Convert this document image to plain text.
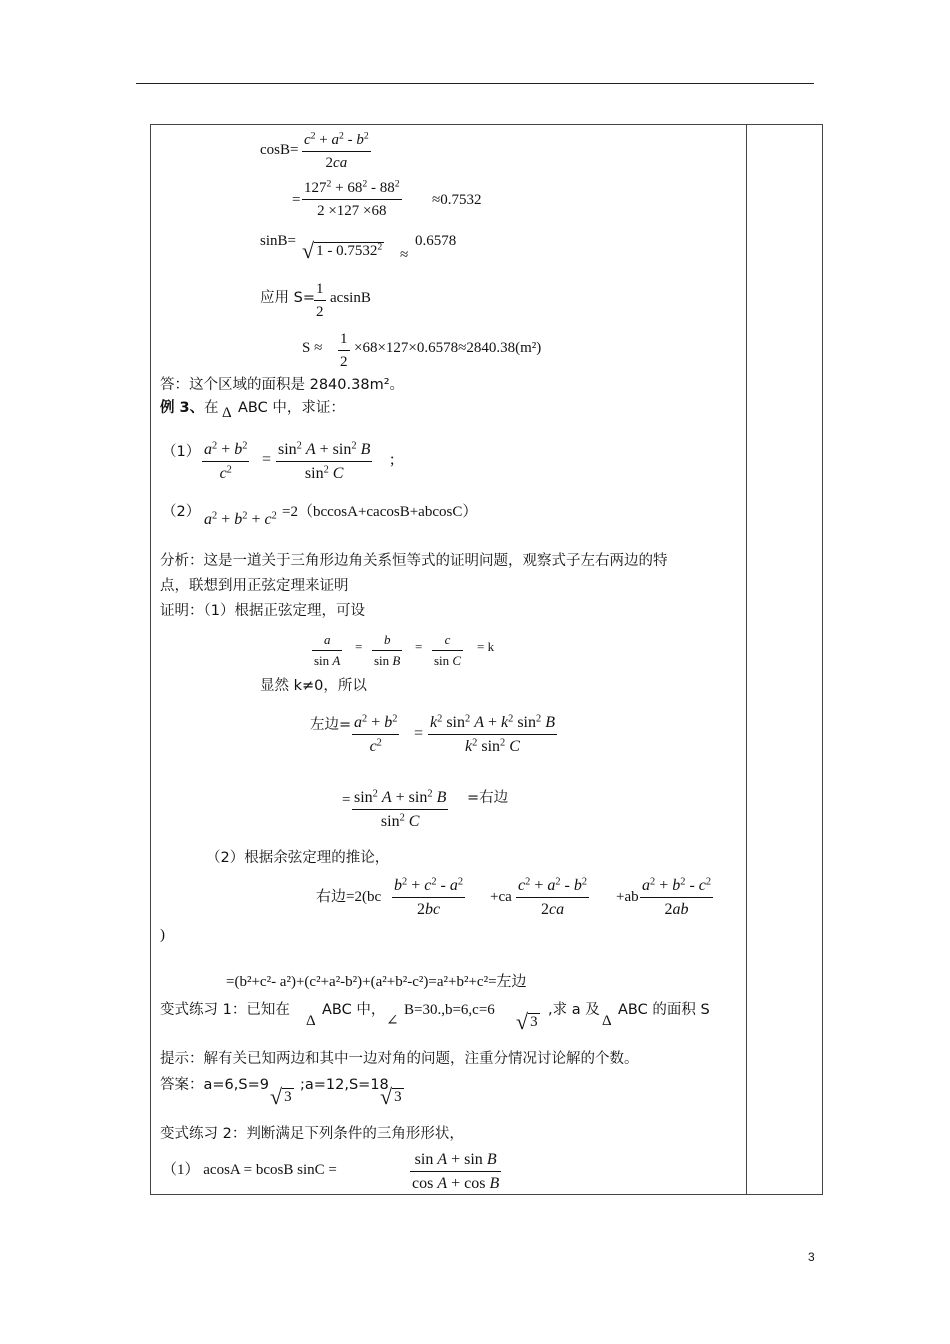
cosB=
$c^2 + a^2 - b^2$
2ca
=
$127^2 + 68^2 - 88^2$
2 ×127 ×68
≈0.7532
sinB= √ $1 - 0.7532^2$ ≈
0.6578
应用 S=
1
2
acsinB
S ≈
1
2
×68×127×0.6578≈2840.38(m²)
答：这个区域的面积是 2840.38m²。
例 3、 在 Δ ABC 中，求证：
（1） $a^2 + b^2$
$c^2$
=
$\sin^2 A + \sin^2 B$
$\sin^2 C$
;
（2） $a^2 + b^2 + c^2 =2(bccosA+cacosB+abcosC)$
分析：这是一道关于三角形边角关系恒等式的证明问题，观察式子左右两边的特
点，联想到用正弦定理来证明
证明：（1）根据正弦定理，可设
a
sin A
= b
sin B
= c
sin C
= k
显然 k≠0，所以
左边= $a^2 + b^2$
$c^2$
=
$k^2$ $\sin^2 A + k^2$ $\sin^2 B$
$k^2$ $\sin^2 C$
= $\sin^2 A + \sin^2 B$
$\sin^2 C$
=右边
（2）根据余弦定理的推论，
右边=2(bc
$b^2 + c^2 - a^2$
2bc
+ca
$c^2 + a^2 - b^2$
2ca
+ab
$a^2 + b^2 - c^2$
2ab
)
=(b²+c²- a²)+(c²+a²-b²)+(a²+b²-c²)=a²+b²+c²=左边
变式练习 1：已知在
Δ
ABC 中，
∠
B=30.,b=6,c=6 √ 3
,求 a 及
Δ
ABC 的面积 S
提示：解有关已知两边和其中一边对角的问题，注重分情况讨论解的个数。
答案：a=6,S=9 √ 3
;a=12,S=18
√ 3
变式练习 2：判断满足下列条件的三角形形状，
（1） acosA = bcosB sinC =
sin A + sin B
cos A + cos B
3
